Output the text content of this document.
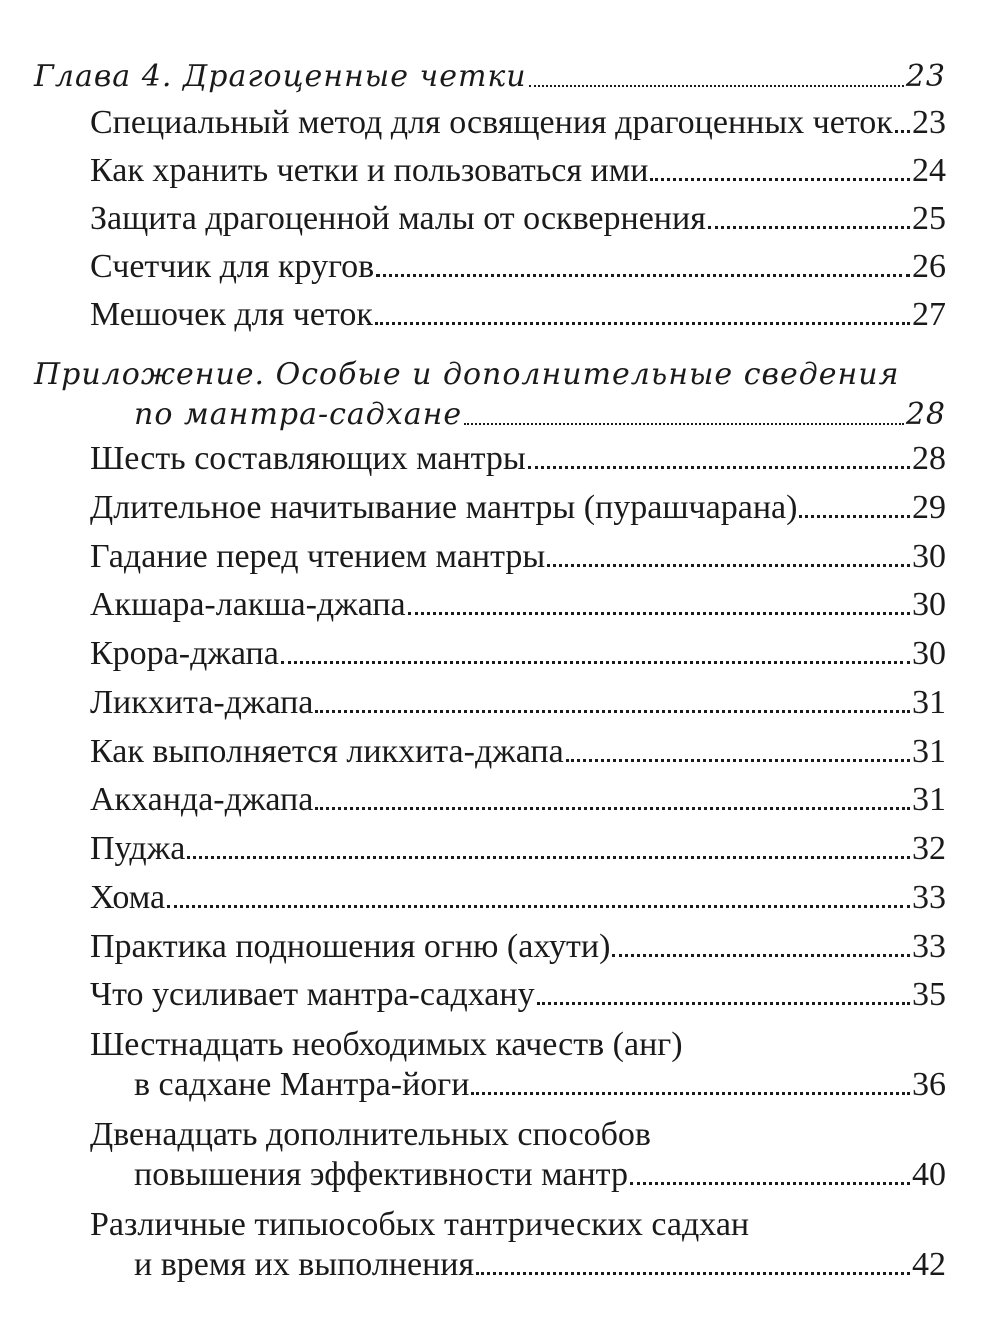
Глава 4. Драгоценные четки	23
Специальный метод для освящения драгоценных четок 23
Как хранить четки и пользоваться ими	24
Защита драгоценной малы от осквернения	25
Счетчик для кругов	26
Мешочек для четок	27
Приложение. Особые и дополнительные сведения
по мантра-садхане	28
Шесть составляющих мантры	28
Длительное начитывание мантры (пурашчарана)	29
Гадание перед чтением мантры	30
Акшара-лакша-джапа	30
Крора-джапа	30
Ликхита-джапа	31
Как выполняется ликхита-джапа	31
Акханда-джапа	31
Пуджа	32
Хома	33
Практика подношения огню (ахути)	33
Что усиливает мантра-садхану	35
Шестнадцать необходимых качеств (анг)
в садхане Мантра-йоги	36
Двенадцать дополнительных способов
повышения эффективности мантр	40
Различные типыособых тантрических садхан
и время их выполнения	42
